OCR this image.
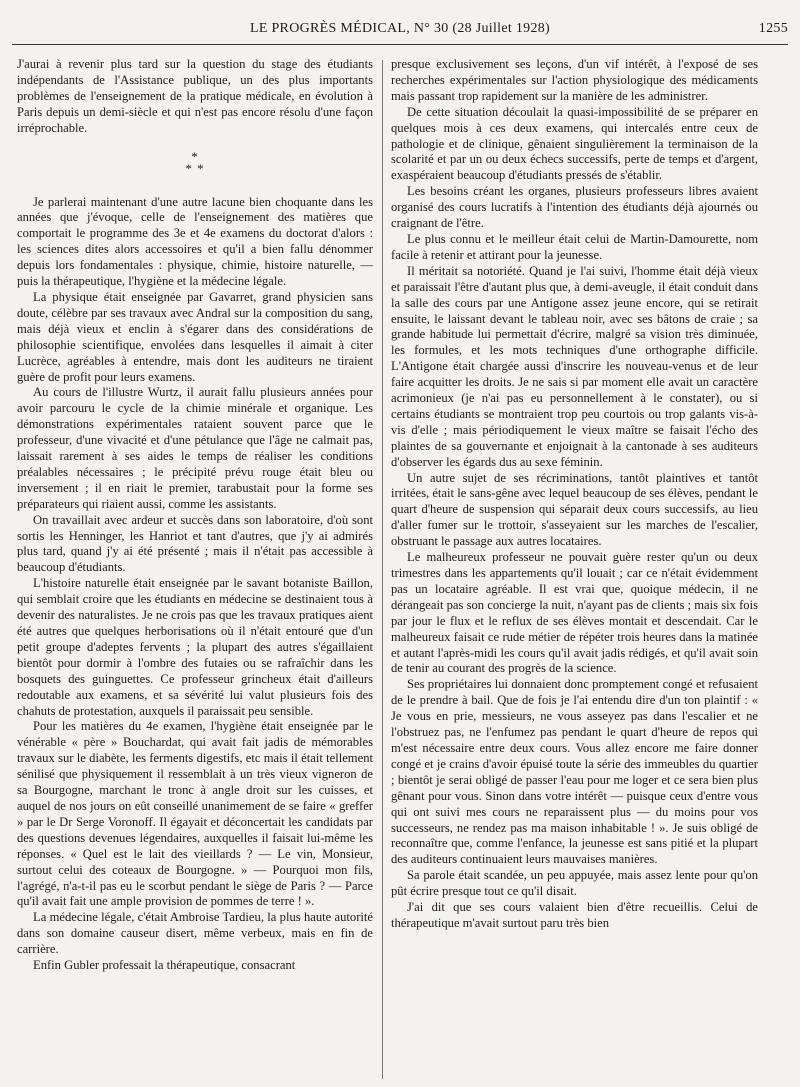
LE PROGRÈS MÉDICAL, N° 30 (28 Juillet 1928)	1255

J'aurai à revenir plus tard sur la question du stage des étudiants indépendants de l'Assistance publique, un des plus importants problèmes de l'enseignement de la pratique médicale, en évolution à Paris depuis un demi-siècle et qui n'est pas encore résolu d'une façon irréprochable.

*
* *

Je parlerai maintenant d'une autre lacune bien choquante dans les années que j'évoque, celle de l'enseignement des matières que comportait le programme des 3e et 4e examens du doctorat d'alors : les sciences dites alors accessoires et qu'il a bien fallu dénommer depuis lors fondamentales : physique, chimie, histoire naturelle, — puis la thérapeutique, l'hygiène et la médecine légale.

La physique était enseignée par Gavarret, grand physicien sans doute, célèbre par ses travaux avec Andral sur la composition du sang, mais déjà vieux et enclin à s'égarer dans des considérations de philosophie scientifique, envolées dans lesquelles il aimait à citer Lucrèce, agréables à entendre, mais dont les auditeurs ne tiraient guère de profit pour leurs examens.

Au cours de l'illustre Wurtz, il aurait fallu plusieurs années pour avoir parcouru le cycle de la chimie minérale et organique. Les démonstrations expérimentales rataient souvent parce que le professeur, d'une vivacité et d'une pétulance que l'âge ne calmait pas, laissait rarement à ses aides le temps de réaliser les conditions préalables nécessaires ; le précipité prévu rouge était bleu ou inversement ; il en riait le premier, tarabustait pour la forme ses préparateurs qui riaient aussi, comme les assistants.

On travaillait avec ardeur et succès dans son laboratoire, d'où sont sortis les Henninger, les Hanriot et tant d'autres, que j'y ai admirés plus tard, quand j'y ai été présenté ; mais il n'était pas accessible à beaucoup d'étudiants.

L'histoire naturelle était enseignée par le savant botaniste Baillon, qui semblait croire que les étudiants en médecine se destinaient tous à devenir des naturalistes. Je ne crois pas que les travaux pratiques aient été autres que quelques herborisations où il n'était entouré que d'un petit groupe d'adeptes fervents ; la plupart des autres s'égaillaient bientôt pour dormir à l'ombre des futaies ou se rafraîchir dans les bosquets des guinguettes. Ce professeur grincheux était d'ailleurs redoutable aux examens, et sa sévérité lui valut plusieurs fois des chahuts de protestation, auxquels il paraissait peu sensible.

Pour les matières du 4e examen, l'hygiène était enseignée par le vénérable « père » Bouchardat, qui avait fait jadis de mémorables travaux sur le diabète, les ferments digestifs, etc mais il était tellement sénilisé que physiquement il ressemblait à un très vieux vigneron de sa Bourgogne, marchant le tronc à angle droit sur les cuisses, et auquel de nos jours on eût conseillé unanimement de se faire « greffer » par le Dr Serge Voronoff. Il égayait et déconcertait les candidats par des questions devenues légendaires, auxquelles il faisait lui-même les réponses. « Quel est le lait des vieillards ? — Le vin, Monsieur, surtout celui des coteaux de Bourgogne. » — Pourquoi mon fils, l'agrégé, n'a-t-il pas eu le scorbut pendant le siège de Paris ? — Parce qu'il avait fait une ample provision de pommes de terre ! ».

La médecine légale, c'était Ambroise Tardieu, la plus haute autorité dans son domaine causeur disert, même verbeux, mais en fin de carrière.

Enfin Gubler professait la thérapeutique, consacrant

presque exclusivement ses leçons, d'un vif intérêt, à l'exposé de ses recherches expérimentales sur l'action physiologique des médicaments mais passant trop rapidement sur la manière de les administrer.

De cette situation découlait la quasi-impossibilité de se préparer en quelques mois à ces deux examens, qui intercalés entre ceux de pathologie et de clinique, gênaient singulièrement la terminaison de la scolarité et par un ou deux échecs successifs, perte de temps et d'argent, exaspéraient beaucoup d'étudiants pressés de s'établir.

Les besoins créant les organes, plusieurs professeurs libres avaient organisé des cours lucratifs à l'intention des étudiants déjà ajournés ou craignant de l'être.

Le plus connu et le meilleur était celui de Martin-Damourette, nom facile à retenir et attirant pour la jeunesse.

Il méritait sa notoriété. Quand je l'ai suivi, l'homme était déjà vieux et paraissait l'être d'autant plus que, à demi-aveugle, il était conduit dans la salle des cours par une Antigone assez jeune encore, qui se retirait ensuite, le laissant devant le tableau noir, avec ses bâtons de craie ; sa grande habitude lui permettait d'écrire, malgré sa vision très diminuée, les formules, et les mots techniques d'une orthographe difficile. L'Antigone était chargée aussi d'inscrire les nouveau-venus et de leur faire acquitter les droits. Je ne sais si par moment elle avait un caractère acrimonieux (je n'ai pas eu personnellement à le constater), ou si certains étudiants se montraient trop peu courtois ou trop galants vis-à-vis d'elle ; mais périodiquement le vieux maître se faisait l'écho des plaintes de sa gouvernante et enjoignait à la cantonade à ses auditeurs d'observer les égards dus au sexe féminin.

Un autre sujet de ses récriminations, tantôt plaintives et tantôt irritées, était le sans-gêne avec lequel beaucoup de ses élèves, pendant le quart d'heure de suspension qui séparait deux cours successifs, au lieu d'aller fumer sur le trottoir, s'asseyaient sur les marches de l'escalier, obstruant le passage aux autres locataires.

Le malheureux professeur ne pouvait guère rester qu'un ou deux trimestres dans les appartements qu'il louait ; car ce n'était évidemment pas un locataire agréable. Il est vrai que, quoique médecin, il ne dérangeait pas son concierge la nuit, n'ayant pas de clients ; mais six fois par jour le flux et le reflux de ses élèves montait et descendait. Car le malheureux faisait ce rude métier de répéter trois heures dans la matinée et autant l'après-midi les cours qu'il avait jadis rédigés, et qu'il avait soin de tenir au courant des progrès de la science.

Ses propriétaires lui donnaient donc promptement congé et refusaient de le prendre à bail. Que de fois je l'ai entendu dire d'un ton plaintif : « Je vous en prie, messieurs, ne vous asseyez pas dans l'escalier et ne l'obstruez pas, ne l'enfumez pas pendant le quart d'heure de repos qui m'est nécessaire entre deux cours. Vous allez encore me faire donner congé et je crains d'avoir épuisé toute la série des immeubles du quartier ; bientôt je serai obligé de passer l'eau pour me loger et ce sera bien plus gênant pour vous. Sinon dans votre intérêt — puisque ceux d'entre vous qui ont suivi mes cours ne reparaissent plus — du moins pour vos successeurs, ne rendez pas ma maison inhabitable ! ». Je suis obligé de reconnaître que, comme l'enfance, la jeunesse est sans pitié et la plupart des auditeurs continuaient leurs mauvaises manières.

Sa parole était scandée, un peu appuyée, mais assez lente pour qu'on pût écrire presque tout ce qu'il disait.

J'ai dit que ses cours valaient bien d'être recueillis. Celui de thérapeutique m'avait surtout paru très bien
